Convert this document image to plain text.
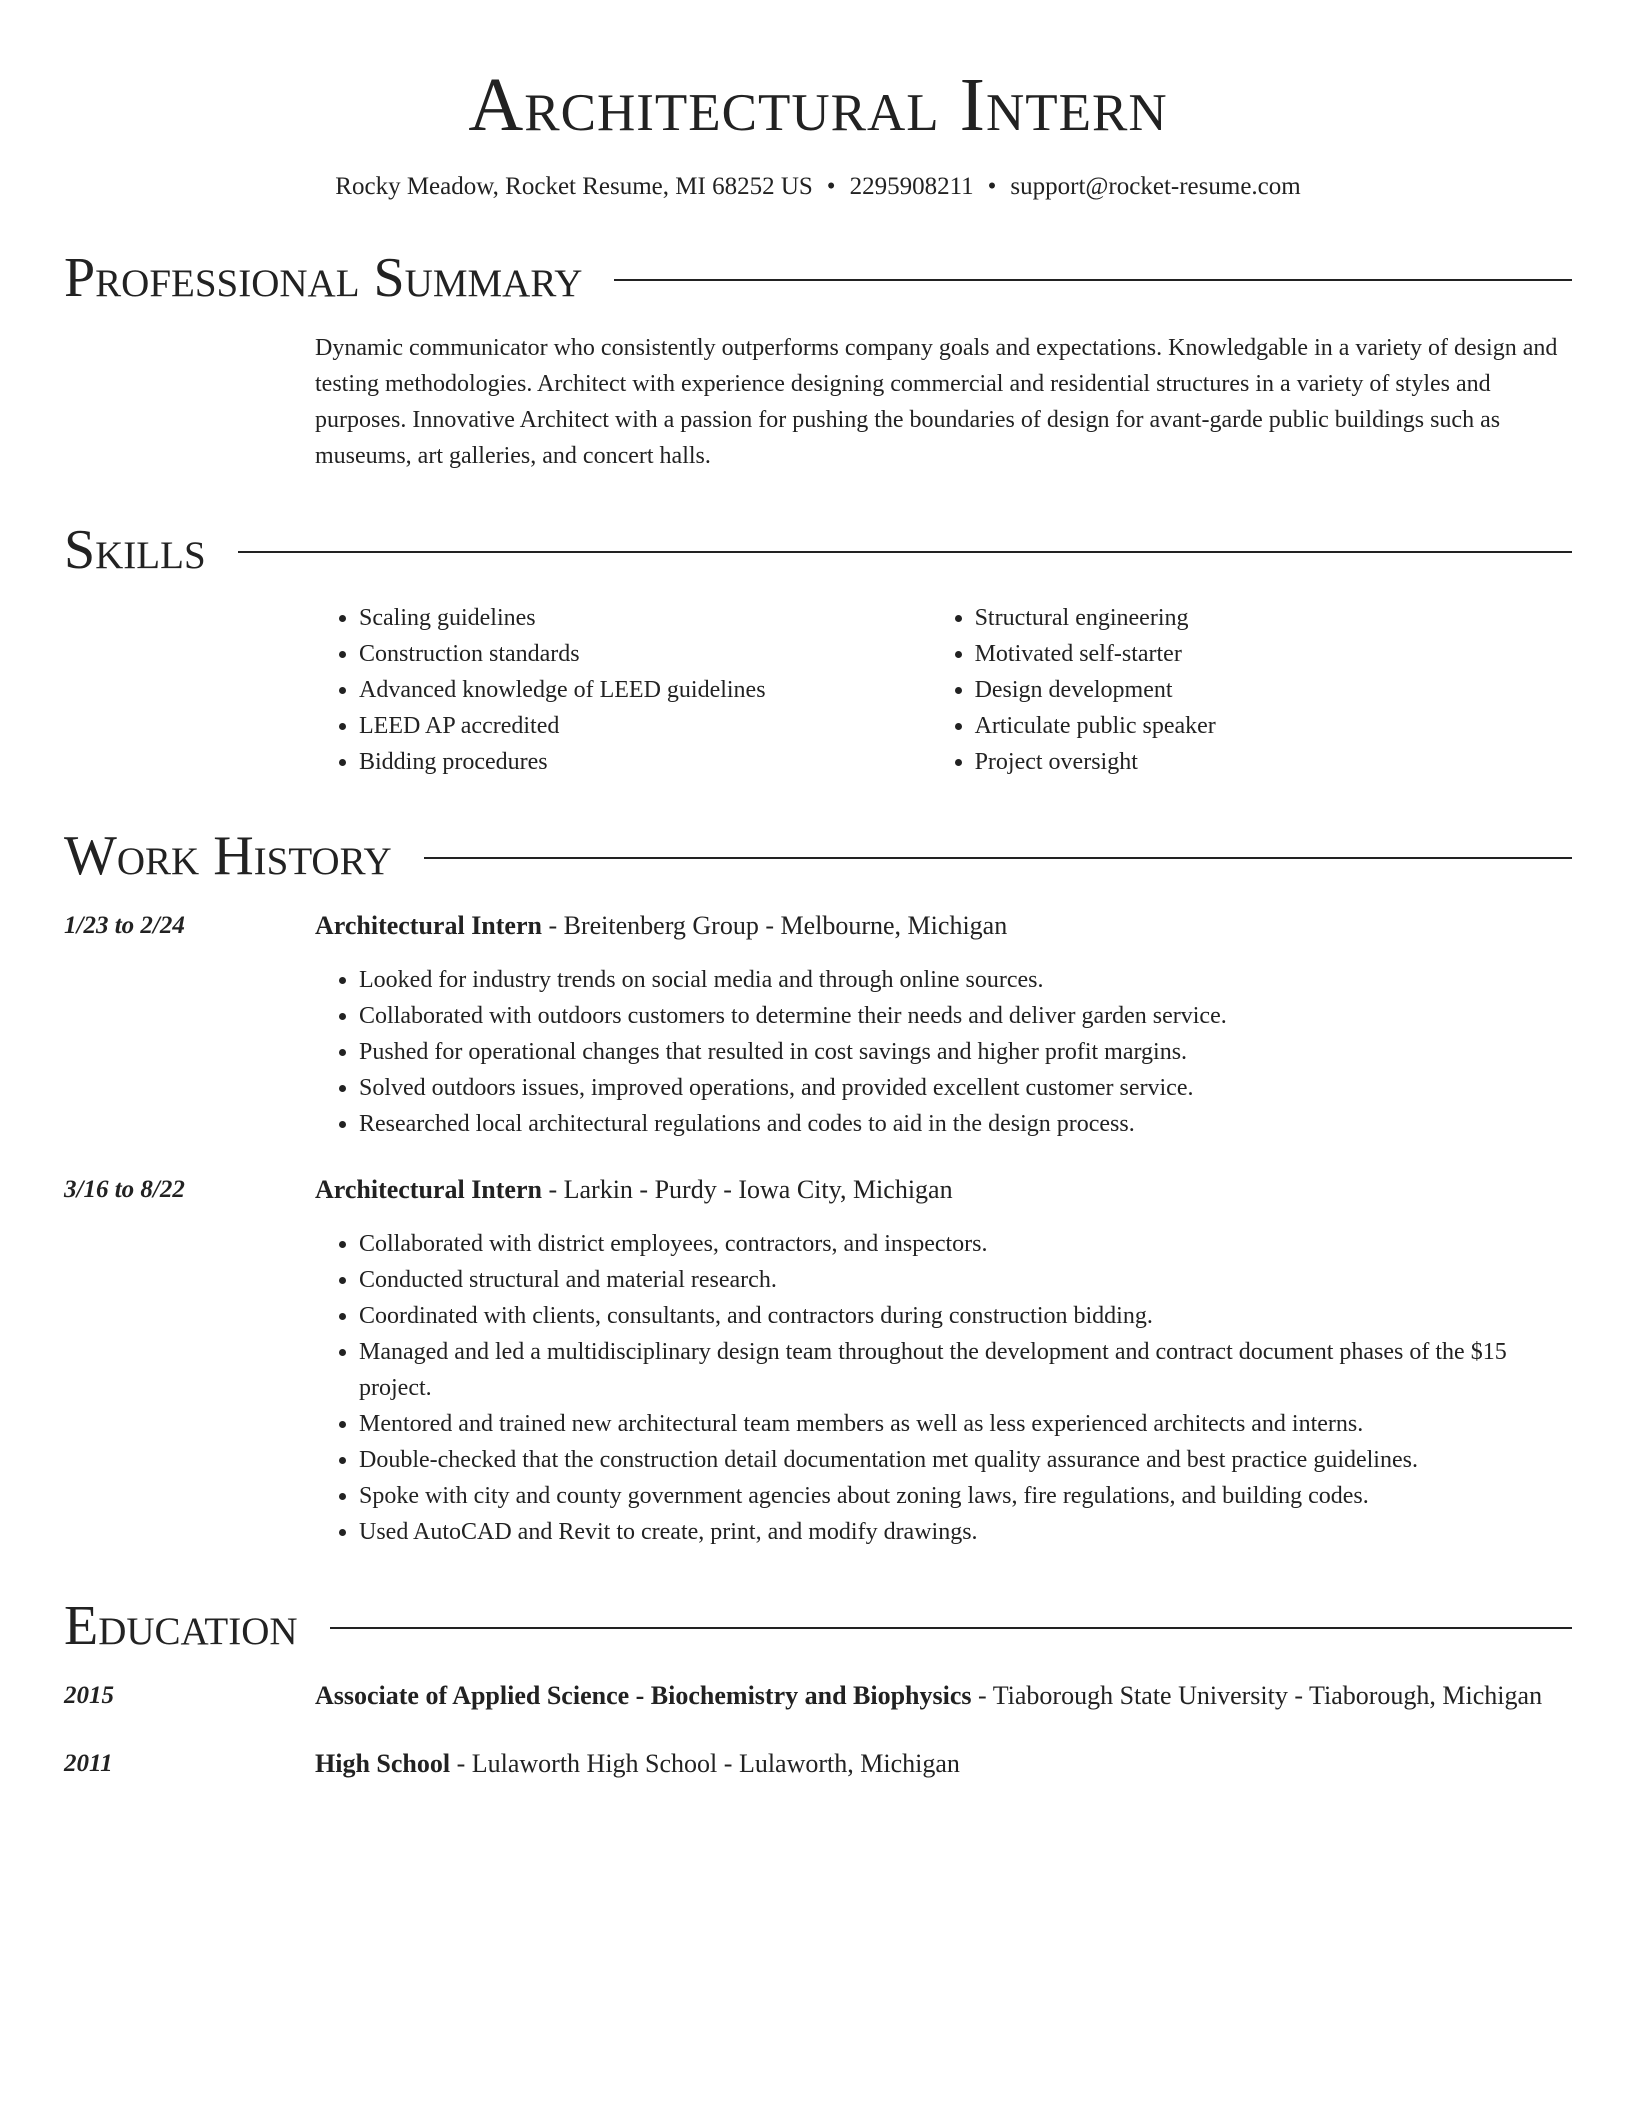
Architectural Intern
Rocky Meadow, Rocket Resume, MI 68252 US • 2295908211 • support@rocket-resume.com
Professional Summary
Dynamic communicator who consistently outperforms company goals and expectations. Knowledgable in a variety of design and testing methodologies. Architect with experience designing commercial and residential structures in a variety of styles and purposes. Innovative Architect with a passion for pushing the boundaries of design for avant-garde public buildings such as museums, art galleries, and concert halls.
Skills
• Scaling guidelines
• Construction standards
• Advanced knowledge of LEED guidelines
• LEED AP accredited
• Bidding procedures
• Structural engineering
• Motivated self-starter
• Design development
• Articulate public speaker
• Project oversight
Work History
1/23 to 2/24	Architectural Intern - Breitenberg Group - Melbourne, Michigan
• Looked for industry trends on social media and through online sources.
• Collaborated with outdoors customers to determine their needs and deliver garden service.
• Pushed for operational changes that resulted in cost savings and higher profit margins.
• Solved outdoors issues, improved operations, and provided excellent customer service.
• Researched local architectural regulations and codes to aid in the design process.
3/16 to 8/22	Architectural Intern - Larkin - Purdy - Iowa City, Michigan
• Collaborated with district employees, contractors, and inspectors.
• Conducted structural and material research.
• Coordinated with clients, consultants, and contractors during construction bidding.
• Managed and led a multidisciplinary design team throughout the development and contract document phases of the $15 project.
• Mentored and trained new architectural team members as well as less experienced architects and interns.
• Double-checked that the construction detail documentation met quality assurance and best practice guidelines.
• Spoke with city and county government agencies about zoning laws, fire regulations, and building codes.
• Used AutoCAD and Revit to create, print, and modify drawings.
Education
2015	Associate of Applied Science - Biochemistry and Biophysics - Tiaborough State University - Tiaborough, Michigan
2011	High School - Lulaworth High School - Lulaworth, Michigan
